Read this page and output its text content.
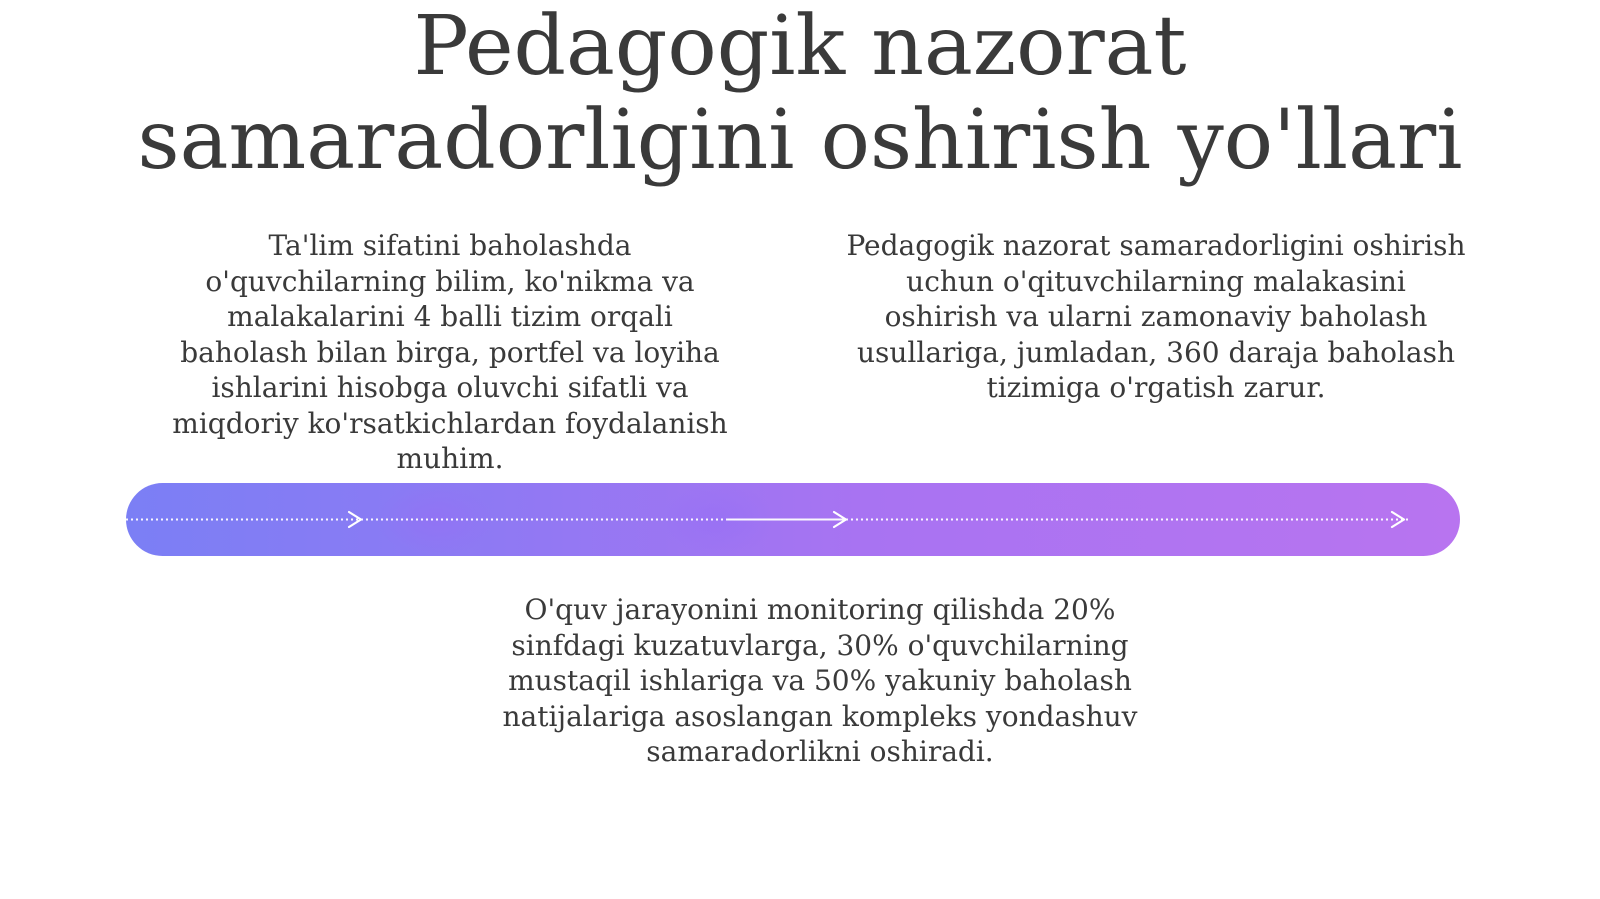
Pedagogik nazorat
samaradorligini oshirish yo'llari
Ta'lim sifatini baholashda
o'quvchilarning bilim, ko'nikma va
malakalarini 4 balli tizim orqali
baholash bilan birga, portfel va loyiha
ishlarini hisobga oluvchi sifatli va
miqdoriy ko'rsatkichlardan foydalanish
muhim.
Pedagogik nazorat samaradorligini oshirish
uchun o'qituvchilarning malakasini
oshirish va ularni zamonaviy baholash
usullariga, jumladan, 360 daraja baholash
tizimiga o'rgatish zarur.
O'quv jarayonini monitoring qilishda 20%
sinfdagi kuzatuvlarga, 30% o'quvchilarning
mustaqil ishlariga va 50% yakuniy baholash
natijalariga asoslangan kompleks yondashuv
samaradorlikni oshiradi.
